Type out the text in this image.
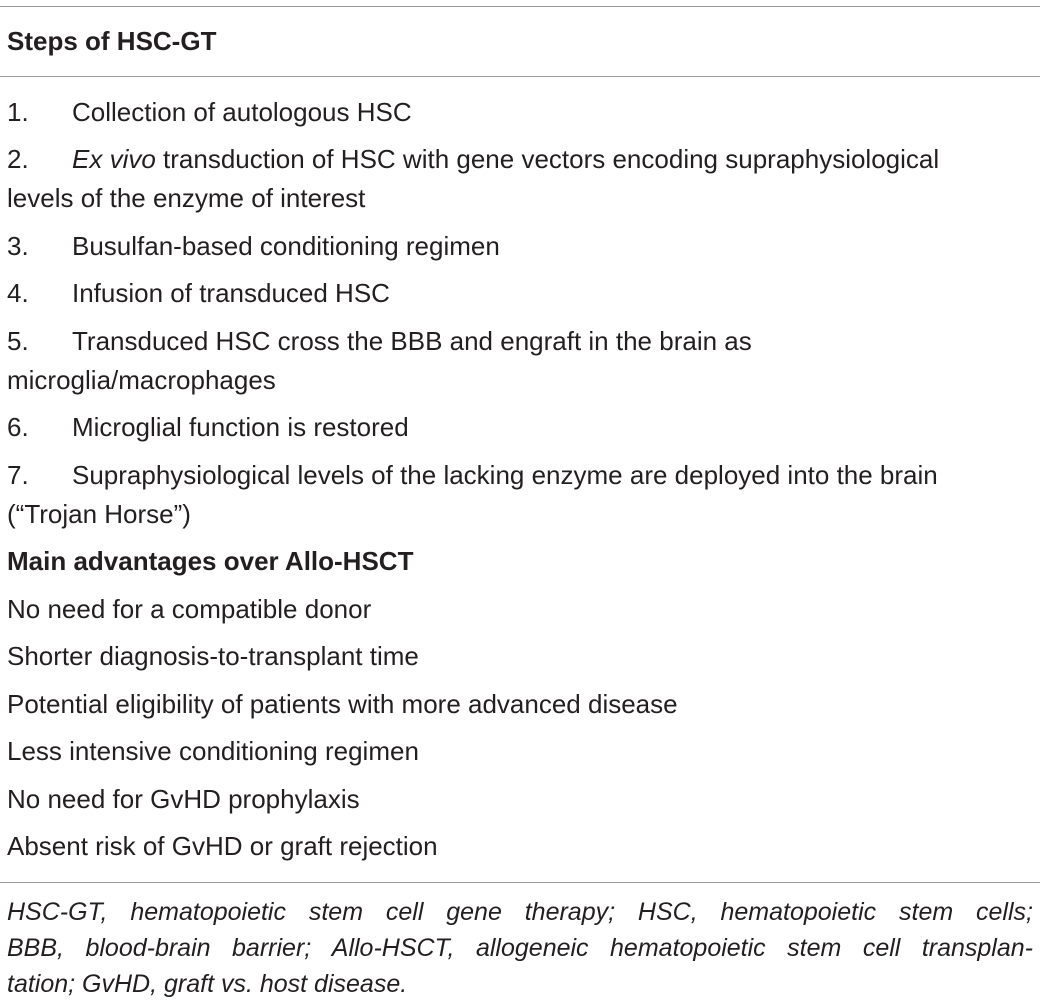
Steps of HSC-GT
1. Collection of autologous HSC
2. Ex vivo transduction of HSC with gene vectors encoding supraphysiological
levels of the enzyme of interest
3. Busulfan-based conditioning regimen
4. Infusion of transduced HSC
5. Transduced HSC cross the BBB and engraft in the brain as
microglia/macrophages
6. Microglial function is restored
7. Supraphysiological levels of the lacking enzyme are deployed into the brain
(“Trojan Horse”)
Main advantages over Allo-HSCT
No need for a compatible donor
Shorter diagnosis-to-transplant time
Potential eligibility of patients with more advanced disease
Less intensive conditioning regimen
No need for GvHD prophylaxis
Absent risk of GvHD or graft rejection
HSC-GT, hematopoietic stem cell gene therapy; HSC, hematopoietic stem cells;
BBB, blood-brain barrier; Allo-HSCT, allogeneic hematopoietic stem cell transplan-
tation; GvHD, graft vs. host disease.
